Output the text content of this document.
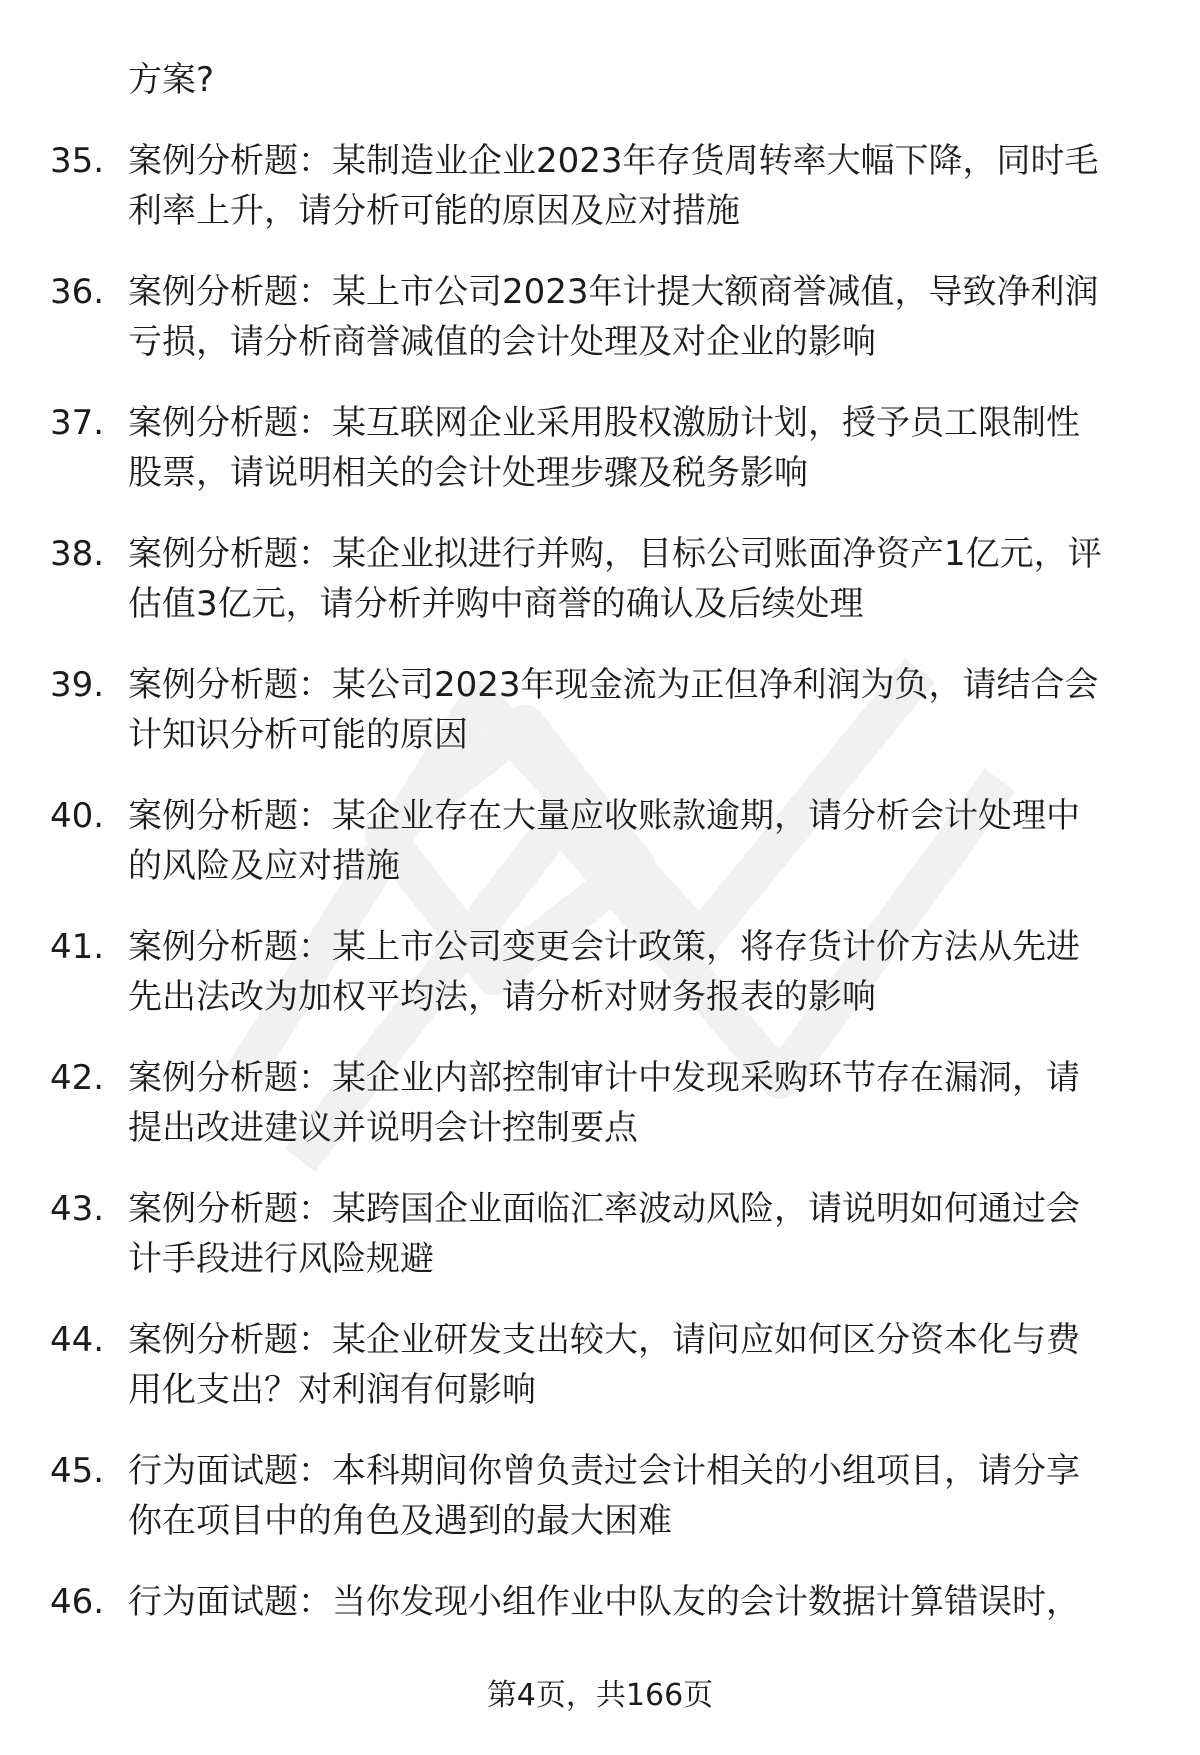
方案?
35. 案例分析题：某制造业企业2023年存货周转率大幅下降，同时毛
利率上升，请分析可能的原因及应对措施
36. 案例分析题：某上市公司2023年计提大额商誉减值，导致净利润
亏损，请分析商誉减值的会计处理及对企业的影响
37. 案例分析题：某互联网企业采用股权激励计划，授予员工限制性
股票，请说明相关的会计处理步骤及税务影响
38. 案例分析题：某企业拟进行并购，目标公司账面净资产1亿元，评
估值3亿元，请分析并购中商誉的确认及后续处理
39. 案例分析题：某公司2023年现金流为正但净利润为负，请结合会
计知识分析可能的原因
40. 案例分析题：某企业存在大量应收账款逾期，请分析会计处理中
的风险及应对措施
41. 案例分析题：某上市公司变更会计政策，将存货计价方法从先进
先出法改为加权平均法，请分析对财务报表的影响
42. 案例分析题：某企业内部控制审计中发现采购环节存在漏洞，请
提出改进建议并说明会计控制要点
43. 案例分析题：某跨国企业面临汇率波动风险，请说明如何通过会
计手段进行风险规避
44. 案例分析题：某企业研发支出较大，请问应如何区分资本化与费
用化支出？对利润有何影响
45. 行为面试题：本科期间你曾负责过会计相关的小组项目，请分享
你在项目中的角色及遇到的最大困难
46. 行为面试题：当你发现小组作业中队友的会计数据计算错误时，
第4页，共166页
